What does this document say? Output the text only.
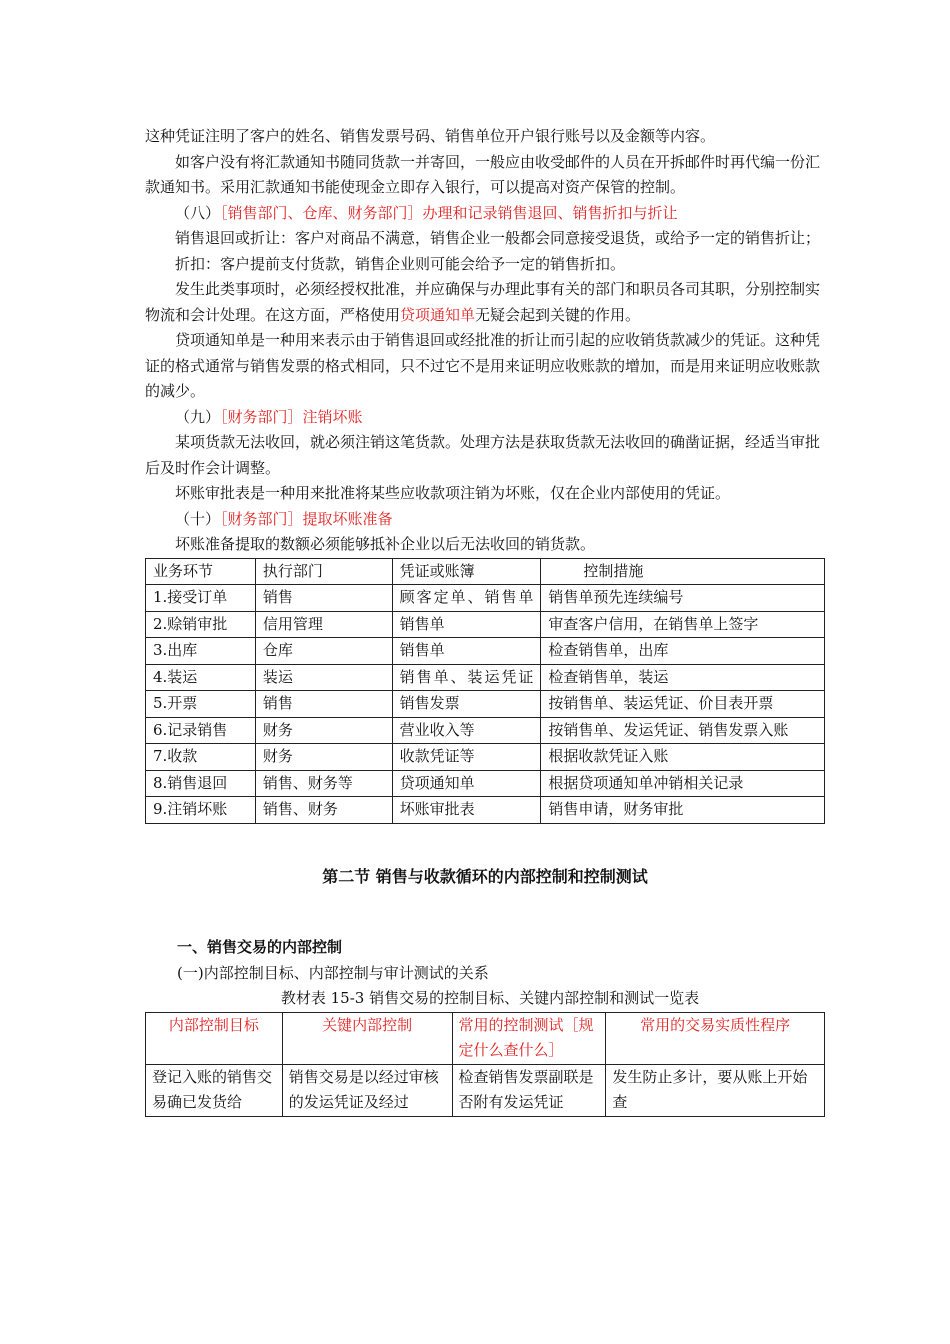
这种凭证注明了客户的姓名、销售发票号码、销售单位开户银行账号以及金额等内容。

如客户没有将汇款通知书随同货款一并寄回，一般应由收受邮件的人员在开拆邮件时再代编一份汇款通知书。采用汇款通知书能使现金立即存入银行，可以提高对资产保管的控制。

（八）［销售部门、仓库、财务部门］办理和记录销售退回、销售折扣与折让

销售退回或折让：客户对商品不满意，销售企业一般都会同意接受退货，或给予一定的销售折让；

折扣：客户提前支付货款，销售企业则可能会给予一定的销售折扣。

发生此类事项时，必须经授权批准，并应确保与办理此事有关的部门和职员各司其职，分别控制实物流和会计处理。在这方面，严格使用贷项通知单无疑会起到关键的作用。

贷项通知单是一种用来表示由于销售退回或经批准的折让而引起的应收销货款减少的凭证。这种凭证的格式通常与销售发票的格式相同，只不过它不是用来证明应收账款的增加，而是用来证明应收账款的减少。

（九）［财务部门］注销坏账

某项货款无法收回，就必须注销这笔货款。处理方法是获取货款无法收回的确凿证据，经适当审批后及时作会计调整。

坏账审批表是一种用来批准将某些应收款项注销为坏账，仅在企业内部使用的凭证。

（十）［财务部门］提取坏账准备

坏账准备提取的数额必须能够抵补企业以后无法收回的销货款。

业务环节	执行部门	凭证或账簿	控制措施
1.接受订单	销售	顾客定单、销售单	销售单预先连续编号
2.赊销审批	信用管理	销售单	审查客户信用，在销售单上签字
3.出库	仓库	销售单	检查销售单，出库
4.装运	装运	销售单、装运凭证	检查销售单，装运
5.开票	销售	销售发票	按销售单、装运凭证、价目表开票
6.记录销售	财务	营业收入等	按销售单、发运凭证、销售发票入账
7.收款	财务	收款凭证等	根据收款凭证入账
8.销售退回	销售、财务等	贷项通知单	根据贷项通知单冲销相关记录
9.注销坏账	销售、财务	坏账审批表	销售申请，财务审批

第二节 销售与收款循环的内部控制和控制测试

一、销售交易的内部控制

(一)内部控制目标、内部控制与审计测试的关系

教材表 15-3 销售交易的控制目标、关键内部控制和测试一览表

内部控制目标	关键内部控制	常用的控制测试［规定什么查什么］	常用的交易实质性程序
登记入账的销售交易确已发货给	销售交易是以经过审核的发运凭证及经过	检查销售发票副联是否附有发运凭证	发生防止多计，要从账上开始查
